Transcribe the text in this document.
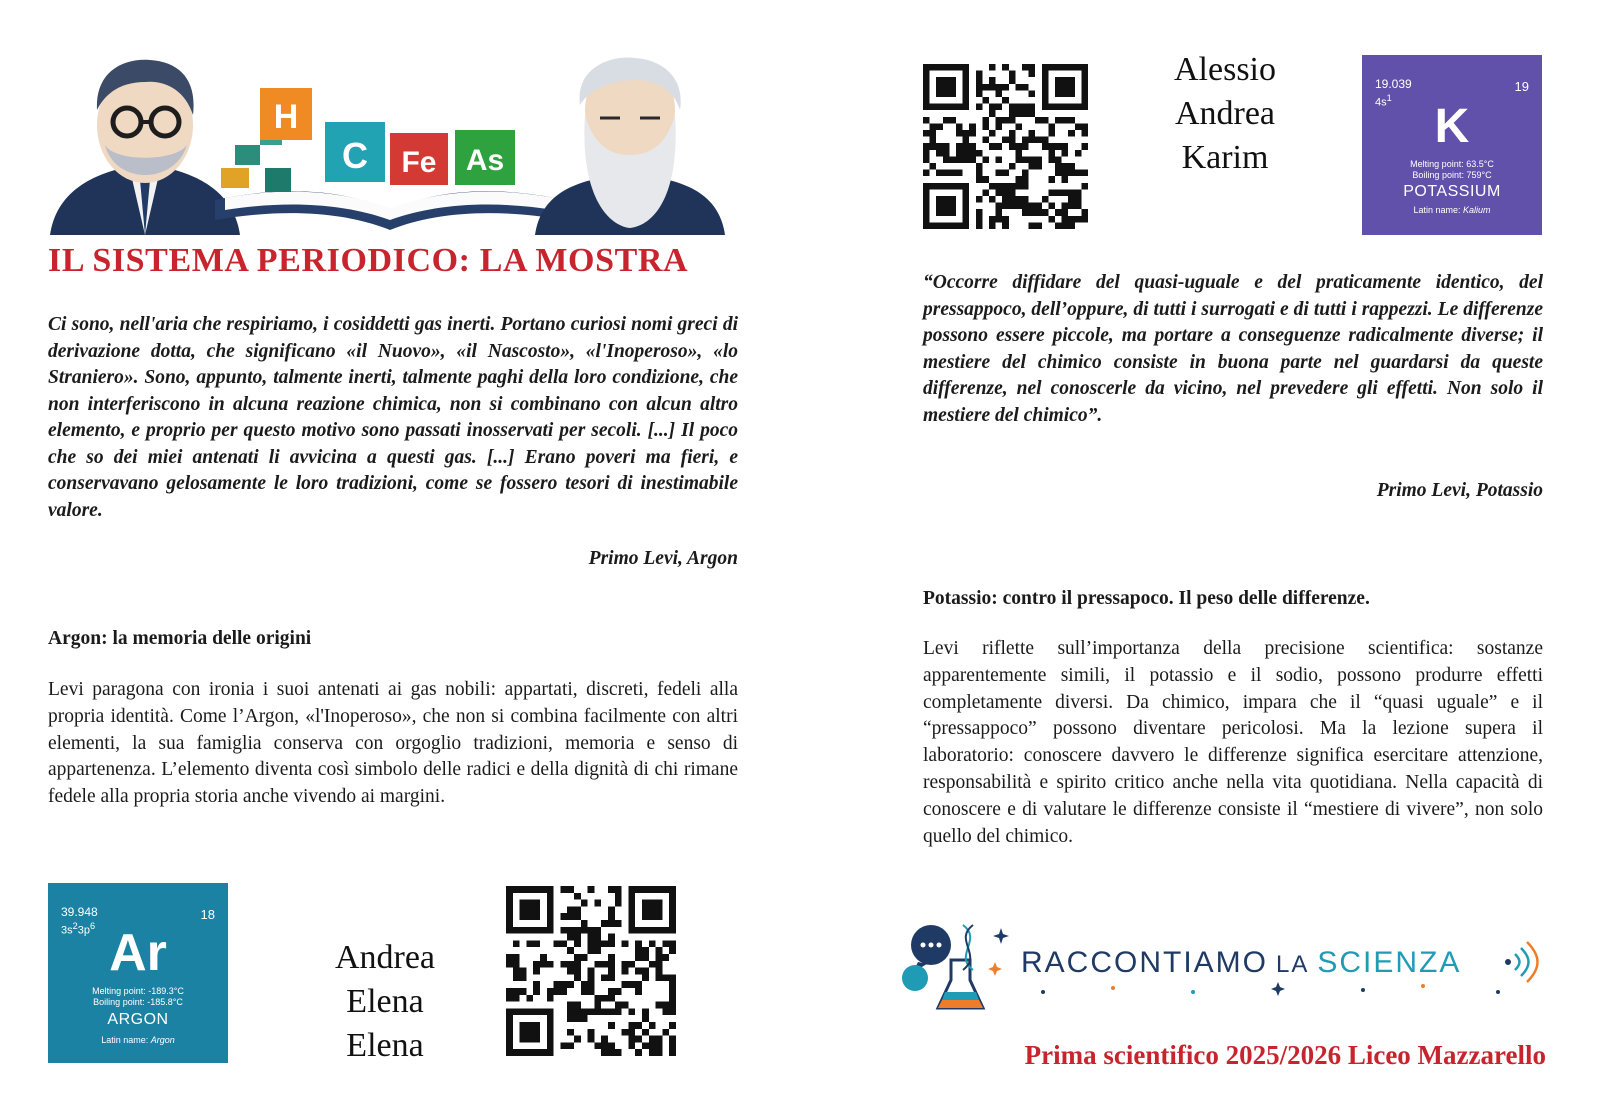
H
C Fe As
IL SISTEMA PERIODICO: LA MOSTRA

Ci sono, nell'aria che respiriamo, i cosiddetti gas inerti. Portano curiosi nomi greci di derivazione dotta, che significano «il Nuovo», «il Nascosto», «l'Inoperoso», «lo Straniero». Sono, appunto, talmente inerti, talmente paghi della loro condizione, che non interferiscono in alcuna reazione chimica, non si combinano con alcun altro elemento, e proprio per questo motivo sono passati inosservati per secoli. [...] Il poco che so dei miei antenati li avvicina a questi gas. [...] Erano poveri ma fieri, e conservavano gelosamente le loro tradizioni, come se fossero tesori di inestimabile valore.

Primo Levi, Argon

Argon: la memoria delle origini

Levi paragona con ironia i suoi antenati ai gas nobili: appartati, discreti, fedeli alla propria identità. Come l’Argon, «l'Inoperoso», che non si combina facilmente con altri elementi, la sua famiglia conserva con orgoglio tradizioni, memoria e senso di appartenenza. L’elemento diventa così simbolo delle radici e della dignità di chi rimane fedele alla propria storia anche vivendo ai margini.

39.948
$3s^23p^6$
18
Ar
Melting point: -189.3°C
Boiling point: -185.8°C
ARGON
Latin name: Argon
Andrea
Elena
Elena
Alessio
Andrea
Karim
19.039
$4s^1$
19
K
Melting point: 63.5°C
Boiling point: 759°C
POTASSIUM
Latin name: Kalium

“Occorre diffidare del quasi-uguale e del praticamente identico, del pressappoco, dell’oppure, di tutti i surrogati e di tutti i rappezzi. Le differenze possono essere piccole, ma portare a conseguenze radicalmente diverse; il mestiere del chimico consiste in buona parte nel guardarsi da queste differenze, nel conoscerle da vicino, nel prevedere gli effetti. Non solo il mestiere del chimico”.

Primo Levi, Potassio

Potassio: contro il pressapoco. Il peso delle differenze.

Levi riflette sull’importanza della precisione scientifica: sostanze apparentemente simili, il potassio e il sodio, possono produrre effetti completamente diversi. Da chimico, impara che il “quasi uguale” e il “pressappoco” possono diventare pericolosi. Ma la lezione supera il laboratorio: conoscere davvero le differenze significa esercitare attenzione, responsabilità e spirito critico anche nella vita quotidiana. Nella capacità di conoscere e di valutare le differenze consiste il “mestiere di vivere”, non solo quello del chimico.

RACCONTIAMO LA SCIENZA

Prima scientifico 2025/2026 Liceo Mazzarello
